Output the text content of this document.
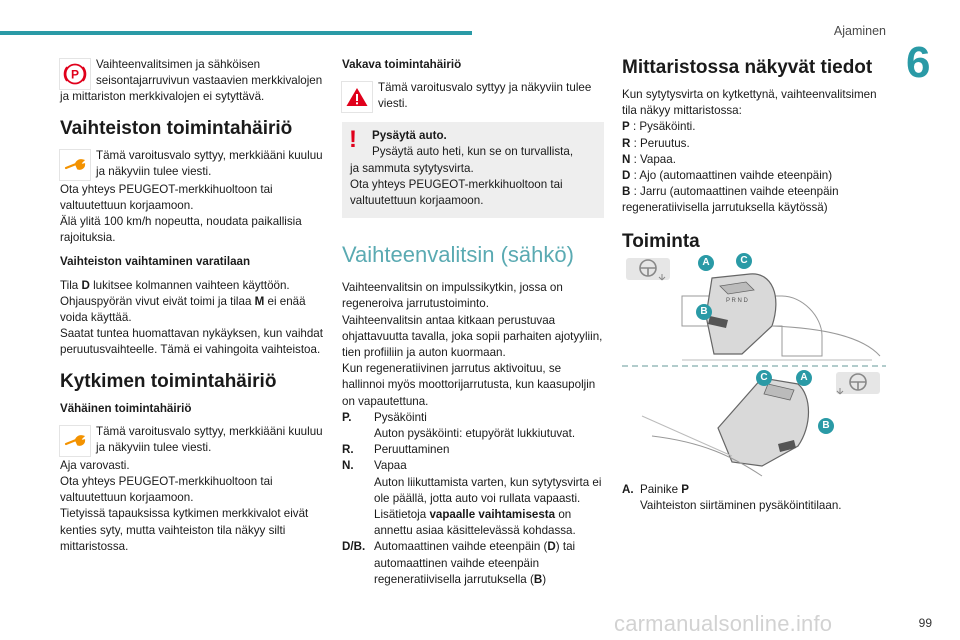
Ajaminen
6
P

Vaihteenvalitsimen ja sähköisen seisontajarruvivun vastaavien merkkivalojen ja mittariston merkkivalojen ei sytyttävä.

Vaihteiston toimintahäiriö

Tämä varoitusvalo syttyy, merkkiääni kuuluu ja näkyviin tulee viesti.

Ota yhteys PEUGEOT-merkkihuoltoon tai valtuutettuun korjaamoon.

Älä ylitä 100 km/h nopeutta, noudata paikallisia rajoituksia.

Vaihteiston vaihtaminen varatilaan

Tila D lukitsee kolmannen vaihteen käyttöön. Ohjauspyörän vivut eivät toimi ja tilaa M ei enää voida käyttää.

Saatat tuntea huomattavan nykäyksen, kun vaihdat peruutusvaihteelle. Tämä ei vahingoita vaihteistoa.

Kytkimen toimintahäiriö
Vähäinen toimintahäiriö

Tämä varoitusvalo syttyy, merkkiääni kuuluu ja näkyviin tulee viesti.

Aja varovasti.

Ota yhteys PEUGEOT-merkkihuoltoon tai valtuutettuun korjaamoon.

Tietyissä tapauksissa kytkimen merkkivalot eivät kenties syty, mutta vaihteiston tila näkyy silti mittaristossa.

Vakava toimintahäiriö

Tämä varoitusvalo syttyy ja näkyviin tulee viesti.

!	Pysäytä auto.
Pysäytä auto heti, kun se on turvallista,
ja sammuta sytytysvirta.
Ota yhteys PEUGEOT-merkkihuoltoon tai valtuutettuun korjaamoon.
Vaihteenvalitsin (sähkö)

Vaihteenvalitsin on impulssikytkin, jossa on regeneroiva jarrutustoiminto.

Vaihteenvalitsin antaa kitkaan perustuvaa ohjattavuutta tavalla, joka sopii parhaiten ajotyyliin, tien profiiliin ja auton kuormaan.

Kun regeneratiivinen jarrutus aktivoituu, se hallinnoi myös moottorijarrutusta, kun kaasupoljin on vapautettuna.

P.	Pysäköinti
Auton pysäköinti: etupyörät lukkiutuvat.
R.	Peruuttaminen
N.	Vapaa
Auton liikuttamista varten, kun sytytysvirta ei ole päällä, jotta auto voi rullata vapaasti.
Lisätietoja vapaalle vaihtamisesta on annettu asiaa käsittelevässä kohdassa.
D/B. Automaattinen vaihde eteenpäin (D) tai automaattinen vaihde eteenpäin regeneratiivisella jarrutuksella (B)
Mittaristossa näkyvät tiedot

Kun sytytysvirta on kytkettynä, vaihteenvalitsimen tila näkyy mittaristossa:

P : Pysäköinti.

R : Peruutus.

N : Vapaa.

D : Ajo (automaattinen vaihde eteenpäin)

B : Jarru (automaattinen vaihde eteenpäin regeneratiivisella jarrutuksella käytössä)

Toiminta
P R N D
A	C
B
C	A
B
A. Painike P
Vaihteiston siirtäminen pysäköintitilaan.
carmanualsonline.info	99
